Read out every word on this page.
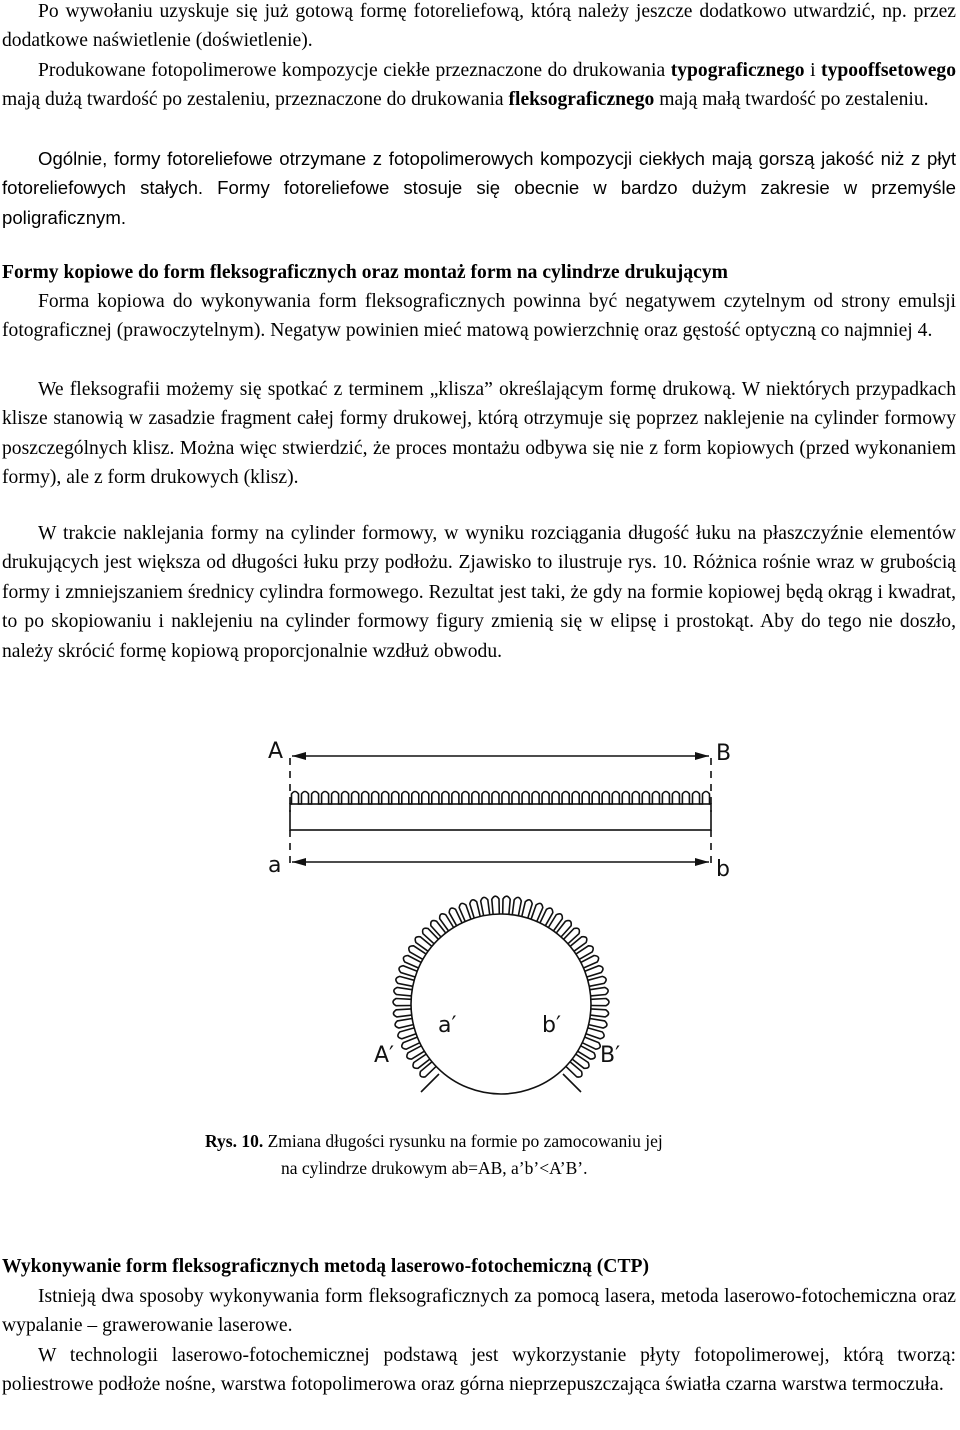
Po wywołaniu uzyskuje się już gotową formę fotoreliefową, którą należy jeszcze dodatkowo utwardzić, np. przez dodatkowe naświetlenie (doświetlenie).

Produkowane fotopolimerowe kompozycje ciekłe przeznaczone do drukowania typograficznego i typooffsetowego mają dużą twardość po zestaleniu, przeznaczone do drukowania fleksograficznego mają małą twardość po zestaleniu.

Ogólnie, formy fotoreliefowe otrzymane z fotopolimerowych kompozycji ciekłych mają gorszą jakość niż z płyt fotoreliefowych stałych. Formy fotoreliefowe stosuje się obecnie w bardzo dużym zakresie w przemyśle poligraficznym.

Formy kopiowe do form fleksograficznych oraz montaż form na cylindrze drukującym

Forma kopiowa do wykonywania form fleksograficznych powinna być negatywem czytelnym od strony emulsji fotograficznej (prawoczytelnym). Negatyw powinien mieć matową powierzchnię oraz gęstość optyczną co najmniej 4.

We fleksografii możemy się spotkać z terminem „klisza” określającym formę drukową. W niektórych przypadkach klisze stanowią w zasadzie fragment całej formy drukowej, którą otrzymuje się poprzez naklejenie na cylinder formowy poszczególnych klisz. Można więc stwierdzić, że proces montażu odbywa się nie z form kopiowych (przed wykonaniem formy), ale z form drukowych (klisz).

W trakcie naklejania formy na cylinder formowy, w wyniku rozciągania długość łuku na płaszczyźnie elementów drukujących jest większa od długości łuku przy podłożu. Zjawisko to ilustruje rys. 10. Różnica rośnie wraz w grubością formy i zmniejszaniem średnicy cylindra formowego. Rezultat jest taki, że gdy na formie kopiowej będą okrąg i kwadrat, to po skopiowaniu i naklejeniu na cylinder formowy figury zmienią się w elipsę i prostokąt. Aby do tego nie doszło, należy skrócić formę kopiową proporcjonalnie wzdłuż obwodu.

A	B
a	b
A′	B′
a′	b′
Rys. 10. Zmiana długości rysunku na formie po zamocowaniu jej
na cylindrze drukowym ab=AB, a’b’<A’B’.
Wykonywanie form fleksograficznych metodą laserowo-fotochemiczną (CTP)

Istnieją dwa sposoby wykonywania form fleksograficznych za pomocą lasera, metoda laserowo-fotochemiczna oraz wypalanie – grawerowanie laserowe.

W technologii laserowo-fotochemicznej podstawą jest wykorzystanie płyty fotopolimerowej, którą tworzą: poliestrowe podłoże nośne, warstwa fotopolimerowa oraz górna nieprzepuszczająca światła czarna warstwa termoczuła.
